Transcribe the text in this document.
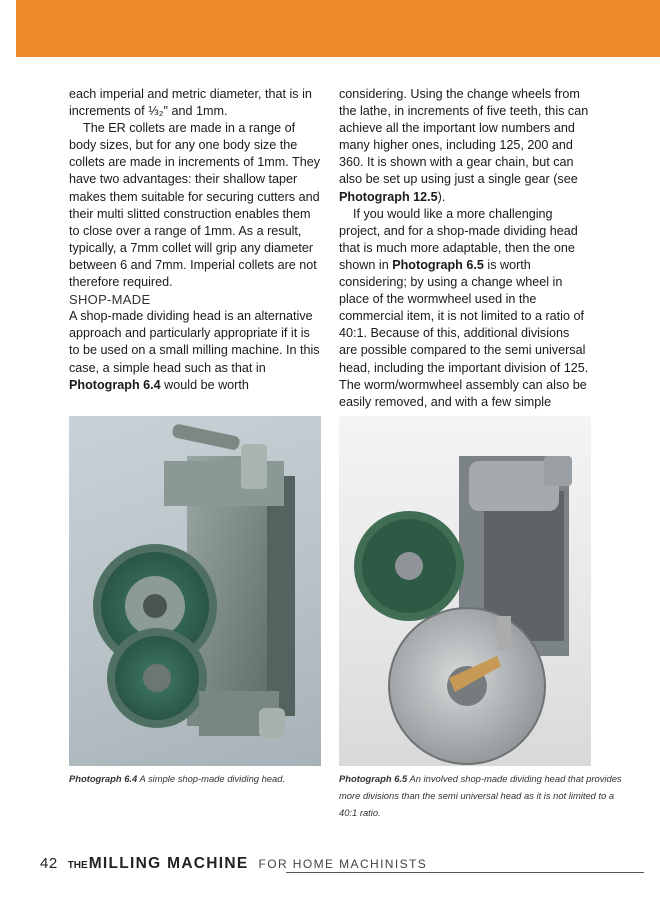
each imperial and metric diameter, that is in increments of ⅓₂" and 1mm.

The ER collets are made in a range of body sizes, but for any one body size the collets are made in increments of 1mm. They have two advantages: their shallow taper makes them suitable for securing cutters and their multi slitted construction enables them to close over a range of 1mm. As a result, typically, a 7mm collet will grip any diameter between 6 and 7mm. Imperial collets are not therefore required.

SHOP-MADE

A shop-made dividing head is an alternative approach and particularly appropriate if it is to be used on a small milling machine. In this case, a simple head such as that in Photograph 6.4 would be worth

considering. Using the change wheels from the lathe, in increments of five teeth, this can achieve all the important low numbers and many higher ones, including 125, 200 and 360. It is shown with a gear chain, but can also be set up using just a single gear (see Photograph 12.5).

If you would like a more challenging project, and for a shop-made dividing head that is much more adaptable, then the one shown in Photograph 6.5 is worth considering; by using a change wheel in place of the wormwheel used in the commercial item, it is not limited to a ratio of 40:1. Because of this, additional divisions are possible compared to the semi universal head, including the important division of 125. The worm/wormwheel assembly can also be easily removed, and with a few simple

Photograph 6.4 A simple shop-made dividing head.	Photograph 6.5 An involved shop-made dividing head that provides more divisions than the semi universal head as it is not limited to a 40:1 ratio.
42 THE MILLING MACHINE FOR HOME MACHINISTS
